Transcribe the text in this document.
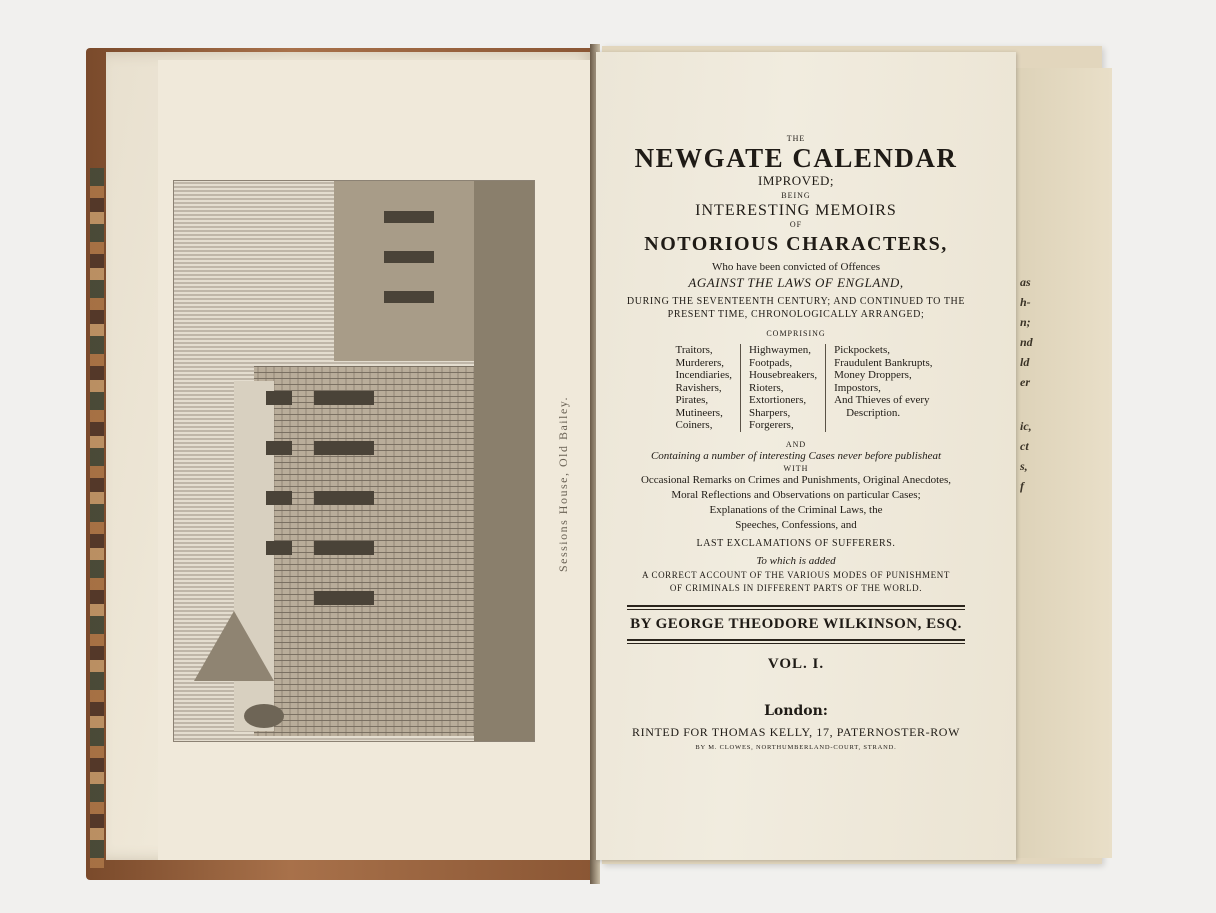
Sessions House, Old Bailey.
as
h-
n;
nd
ld
er
ic,
ct
s,
f
THE
NEWGATE CALENDAR
IMPROVED;
BEING
INTERESTING MEMOIRS
OF
NOTORIOUS CHARACTERS,
Who have been convicted of Offences
AGAINST THE LAWS OF ENGLAND,
DURING THE SEVENTEENTH CENTURY; AND CONTINUED TO THE
PRESENT TIME, CHRONOLOGICALLY ARRANGED;
COMPRISING
Traitors,
Murderers,
Incendiaries,
Ravishers,
Pirates,
Mutineers,
Coiners,
Highwaymen,
Footpads,
Housebreakers,
Rioters,
Extortioners,
Sharpers,
Forgerers,
Pickpockets,
Fraudulent Bankrupts,
Money Droppers,
Impostors,
And Thieves of every
Description.
AND
Containing a number of interesting Cases never before publisheat
WITH
Occasional Remarks on Crimes and Punishments, Original Anecdotes,
Moral Reflections and Observations on particular Cases;
Explanations of the Criminal Laws, the
Speeches, Confessions, and
LAST EXCLAMATIONS OF SUFFERERS.
To which is added
A CORRECT ACCOUNT OF THE VARIOUS MODES OF PUNISHMENT
OF CRIMINALS IN DIFFERENT PARTS OF THE WORLD.
BY GEORGE THEODORE WILKINSON, ESQ.
VOL. I.
London:
RINTED FOR THOMAS KELLY, 17, PATERNOSTER-ROW
BY M. CLOWES, NORTHUMBERLAND-COURT, STRAND.
